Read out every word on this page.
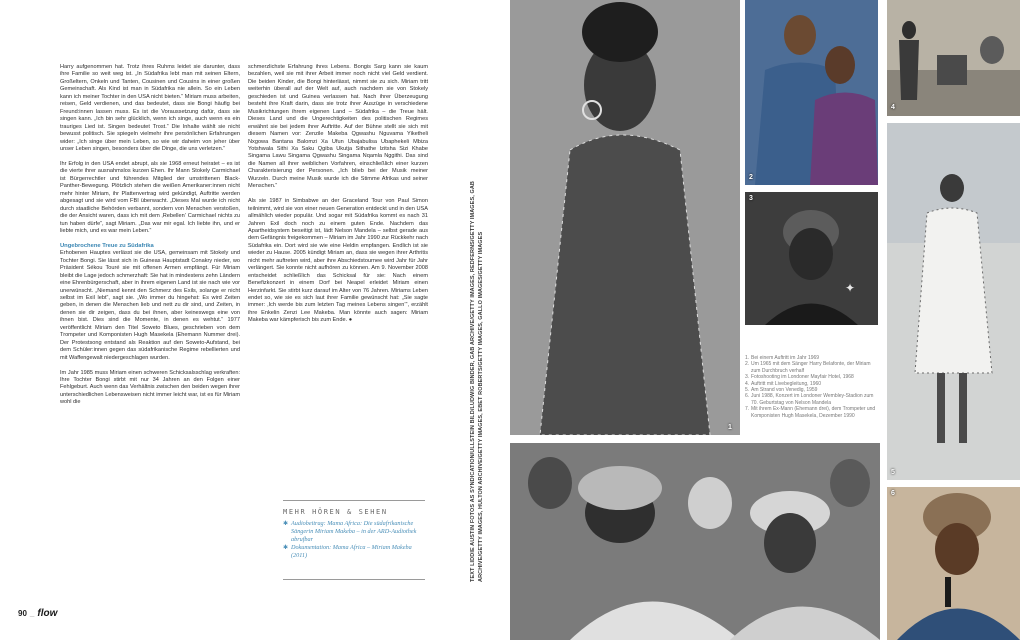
Harry aufgenommen hat. Trotz ihres Ruhms leidet sie darunter, dass ihre Familie so weit weg ist. „In Südafrika lebt man mit seinen Eltern, Großeltern, Onkeln und Tanten, Cousinen und Cousins in einer großen Gemeinschaft. Als Kind ist man in Südafrika nie allein. So ein Leben kann ich meiner Tochter in den USA nicht bieten.“ Miriam muss arbeiten, reisen, Geld verdienen, und das bedeutet, dass sie Bongi häufig bei Freund:innen lassen muss. Es ist die Voraussetzung dafür, dass sie singen kann. „Ich bin sehr glücklich, wenn ich singe, auch wenn es ein trauriges Lied ist. Singen bedeutet Trost.“ Die Inhalte wählt sie nicht bewusst politisch. Sie spiegeln vielmehr ihre persönlichen Erfahrungen wider: „Ich singe über mein Leben, so wie wir daheim von jeher über unser Leben singen, besonders über die Dinge, die uns verletzen.“

Ihr Erfolg in den USA endet abrupt, als sie 1968 erneut heiratet – es ist die vierte ihrer ausnahmslos kurzen Ehen. Ihr Mann Stokely Carmichael ist Bürgerrechtler und führendes Mitglied der umstrittenen Black-Panther-Bewegung. Plötzlich stehen die weißen Amerikaner:innen nicht mehr hinter Miriam, ihr Plattenvertrag wird gekündigt, Auftritte werden abgesagt und sie wird vom FBI überwacht. „Dieses Mal wurde ich nicht durch staatliche Behörden verbannt, sondern von Menschen verstoßen, die der Ansicht waren, dass ich mit dem ‚Rebellen‘ Carmichael nichts zu tun haben dürfe“, sagt Miriam. „Das war mir egal. Ich liebte ihn, und er liebte mich, und es war mein Leben.“

Ungebrochene Treue zu Südafrika

Erhobenen Hauptes verlässt sie die USA, gemeinsam mit Stokely und Tochter Bongi. Sie lässt sich in Guineas Hauptstadt Conakry nieder, wo Präsident Sékou Touré sie mit offenen Armen empfängt. Für Miriam bleibt die Lage jedoch schmerzhaft: Sie hat in mindestens zehn Ländern eine Ehrenbürgerschaft, aber in ihrem eigenen Land ist sie nach wie vor unerwünscht. „Niemand kennt den Schmerz des Exils, solange er nicht selbst im Exil lebt“, sagt sie. „Wo immer du hingehst: Es wird Zeiten geben, in denen die Menschen lieb und nett zu dir sind, und Zeiten, in denen sie dir zeigen, dass du bei ihnen, aber keineswegs eine von ihnen bist. Dies sind die Momente, in denen es wehtut.“ 1977 veröffentlicht Miriam den Titel Soweto Blues, geschrieben von dem Trompeter und Komponisten Hugh Masekela (Ehemann Nummer drei). Der Protestsong entstand als Reaktion auf den Soweto-Aufstand, bei dem Schüler:innen gegen das südafrikanische Regime rebellierten und mit Waffengewalt niedergeschlagen wurden.

Im Jahr 1985 muss Miriam einen schweren Schicksalsschlag verkraften: Ihre Tochter Bongi stirbt mit nur 34 Jahren an den Folgen einer Fehlgeburt. Auch wenn das Verhältnis zwischen den beiden wegen ihrer unterschiedlichen Lebensweisen nicht immer leicht war, ist es für Miriam wohl die

schmerzlichste Erfahrung ihres Lebens. Bongis Sarg kann sie kaum bezahlen, weil sie mit ihrer Arbeit immer noch nicht viel Geld verdient. Die beiden Kinder, die Bongi hinterlässt, nimmt sie zu sich. Miriam tritt weiterhin überall auf der Welt auf, auch nachdem sie von Stokely geschieden ist und Guinea verlassen hat. Nach ihrer Überzeugung besteht ihre Kraft darin, dass sie trotz ihrer Auszüge in verschiedene Musikrichtungen ihrem eigenen Land – Südafrika – die Treue hält. Dieses Land und die Ungerechtigkeiten des politischen Regimes erwähnt sie bei jedem ihrer Auftritte. Auf der Bühne stellt sie sich mit diesem Namen vor: Zenzile Makeba Qgwashu Nguvama Yiketheli Nxgowa Bantana Balomzi Xa Ufun Ubajabulisa Ubaphekeli Mbiza Yotshwala Sithi Xa Saku Qgiba Ukutja Sithathe Izitsha Sizi Khabe Singama Lawu Singama Qgwashu Singama Nqamla Nggithi. Das sind die Namen all ihrer weiblichen Vorfahren, einschließlich einer kurzen Charakterisierung der Personen. „Ich blieb bei der Musik meiner Wurzeln. Durch meine Musik wurde ich die Stimme Afrikas und seiner Menschen.“

Als sie 1987 in Simbabwe an der Graceland Tour von Paul Simon teilnimmt, wird sie von einer neuen Generation entdeckt und in den USA allmählich wieder populär. Und sogar mit Südafrika kommt es nach 31 Jahren Exil doch noch zu einem guten Ende. Nachdem das Apartheidsystem beseitigt ist, lädt Nelson Mandela – selbst gerade aus dem Gefängnis freigekommen – Miriam im Jahr 1990 zur Rückkehr nach Südafrika ein. Dort wird sie wie eine Heldin empfangen. Endlich ist sie wieder zu Hause. 2005 kündigt Miriam an, dass sie wegen ihrer Arthritis nicht mehr auftreten wird, aber ihre Abschiedstournee wird Jahr für Jahr verlängert. Sie konnte nicht aufhören zu können. Am 9. November 2008 entscheidet schließlich das Schicksal für sie: Nach einem Benefizkonzert in einem Dorf bei Neapel erleidet Miriam einen Herzinfarkt. Sie stirbt kurz darauf im Alter von 76 Jahren. Miriams Leben endet so, wie sie es sich laut ihrer Familie gewünscht hat: „Sie sagte immer: ‚Ich werde bis zum letzten Tag meines Lebens singen‘“, erzählt ihre Enkelin Zenzi Lee Makeba. Man könnte auch sagen: Miriam Makeba war kämpferisch bis zum Ende. ●

MEHR HÖREN & SEHEN
✱ Audiobeitrag: Mama Africa: Die südafrikanische Sängerin Miriam Makeba – in der ARD-Audiothek abrufbar
✱ Dokumentation: Mama Africa – Miriam Makeba (2011)	TEXT LIDDIE AUSTIN FOTOS AS SYNDICATION/ULLSTEIN BILD/LUDWIG BINDER, GAB ARCHIVE/GETTY IMAGES, REDFERNS/GETTY IMAGES, GAB ARCHIVE/GETTY IMAGES, HULTON ARCHIVE/GETTY IMAGES, EBET ROBERTS/GETTY IMAGES, GALLO IMAGES/GETTY IMAGES
90 _ flow
1
2
✦
3
4
5
6
1. Bei einem Auftritt im Jahr 1969
2. Um 1965 mit dem Sänger Harry Belafonte, der Miriam zum Durchbruch verhalf
3. Fotoshooting im Londoner Mayfair Hotel, 1968
4. Auftritt mit Livebegleitung, 1960
5. Am Strand von Venedig, 1959
6. Juni 1988, Konzert im Londoner Wembley-Stadion zum 70. Geburtstag von Nelson Mandela
7. Mit ihrem Ex-Mann (Ehemann drei), dem Trompeter und Komponisten Hugh Masekela, Dezember 1990
